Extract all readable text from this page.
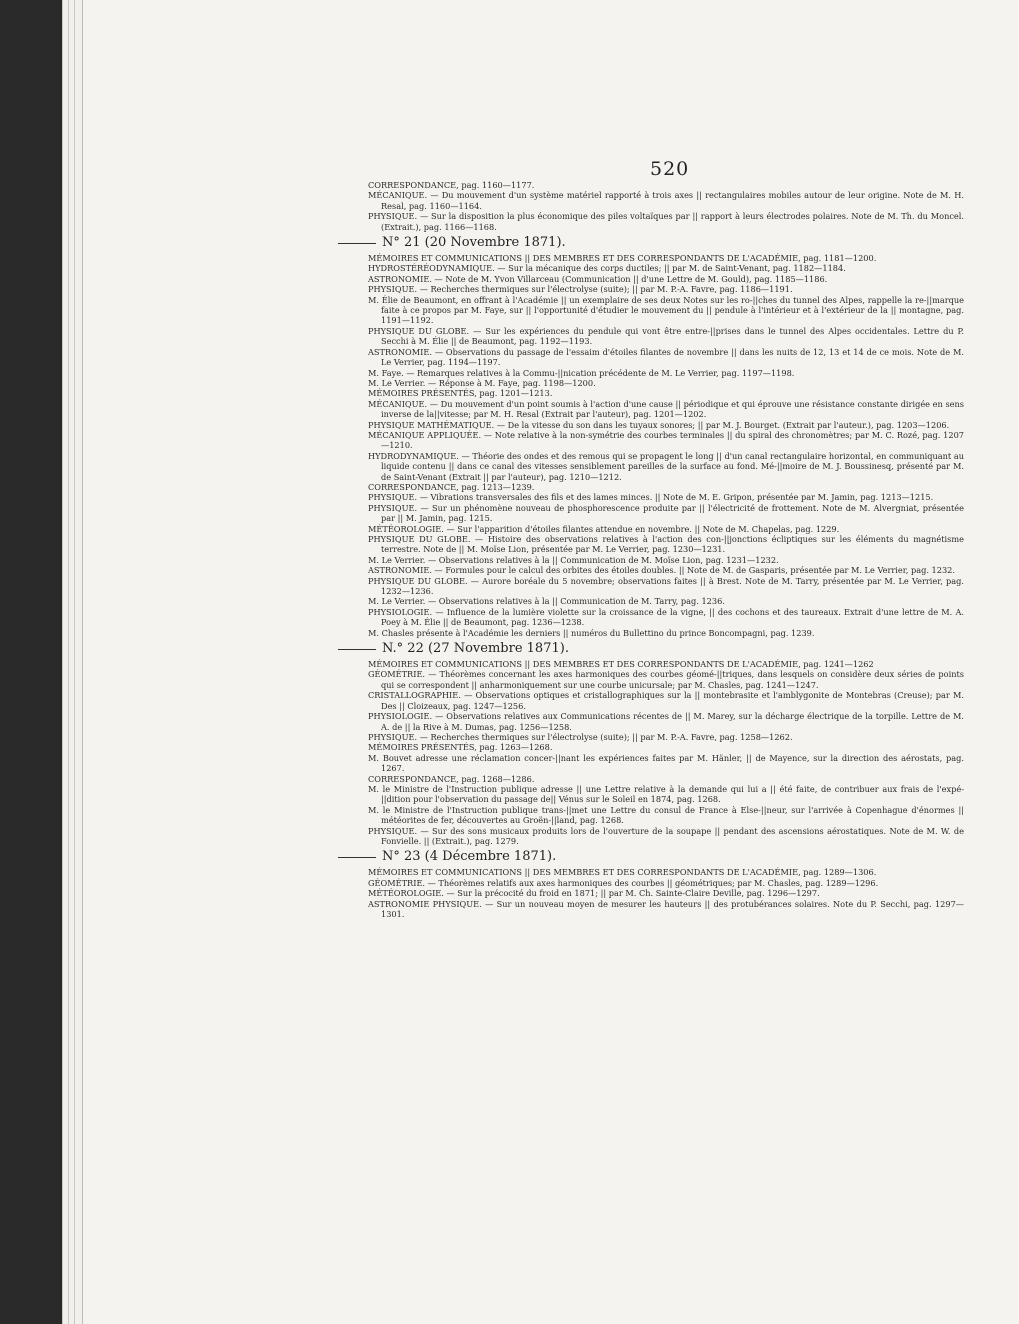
520

CORRESPONDANCE, pag. 1160—1177.

MÉCANIQUE. — Du mouvement d'un système matériel rapporté à trois axes || rectangulaires mobiles autour de leur origine. Note de M. H. Resal, pag. 1160—1164.

PHYSIQUE. — Sur la disposition la plus économique des piles voltaïques par || rapport à leurs électrodes polaires. Note de M. Th. du Moncel. (Extrait.), pag. 1166—1168.

N° 21 (20 Novembre 1871).

MÉMOIRES ET COMMUNICATIONS || DES MEMBRES ET DES CORRESPONDANTS DE L'ACADÉMIE, pag. 1181—1200.

HYDROSTÉRÉODYNAMIQUE. — Sur la mécanique des corps ductiles; || par M. de Saint-Venant, pag. 1182—1184.

ASTRONOMIE. — Note de M. Yvon Villarceau (Communication || d'une Lettre de M. Gould), pag. 1185—1186.

PHYSIQUE. — Recherches thermiques sur l'électrolyse (suite); || par M. P.-A. Favre, pag. 1186—1191.

M. Élie de Beaumont, en offrant à l'Académie || un exemplaire de ses deux Notes sur les ro-||ches du tunnel des Alpes, rappelle la re-||marque faite à ce propos par M. Faye, sur || l'opportunité d'étudier le mouvement du || pendule à l'intérieur et à l'extérieur de la || montagne, pag. 1191—1192.

PHYSIQUE DU GLOBE. — Sur les expériences du pendule qui vont être entre-||prises dans le tunnel des Alpes occidentales. Lettre du P. Secchi à M. Élie || de Beaumont, pag. 1192—1193.

ASTRONOMIE. — Observations du passage de l'essaim d'étoiles filantes de novembre || dans les nuits de 12, 13 et 14 de ce mois. Note de M. Le Verrier, pag. 1194—1197.

M. Faye. — Remarques relatives à la Commu-||nication précédente de M. Le Verrier, pag. 1197—1198.

M. Le Verrier. — Réponse à M. Faye, pag. 1198—1200.

MÉMOIRES PRÉSENTÉS, pag. 1201—1213.

MÉCANIQUE. — Du mouvement d'un point soumis à l'action d'une cause || périodique et qui éprouve une résistance constante dirigée en sens inverse de la||vitesse; par M. H. Resal (Extrait par l'auteur), pag. 1201—1202.

PHYSIQUE MATHÉMATIQUE. — De la vitesse du son dans les tuyaux sonores; || par M. J. Bourget. (Extrait par l'auteur.), pag. 1203—1206.

MÉCANIQUE APPLIQUÉE. — Note relative à la non-symétrie des courbes terminales || du spiral des chronomètres; par M. C. Rozé, pag. 1207—1210.

HYDRODYNAMIQUE. — Théorie des ondes et des remous qui se propagent le long || d'un canal rectangulaire horizontal, en communiquant au liquide contenu || dans ce canal des vitesses sensiblement pareilles de la surface au fond. Mé-||moire de M. J. Boussinesq, présenté par M. de Saint-Venant (Extrait || par l'auteur), pag. 1210—1212.

CORRESPONDANCE, pag. 1213—1239.

PHYSIQUE. — Vibrations transversales des fils et des lames minces. || Note de M. E. Gripon, présentée par M. Jamin, pag. 1213—1215.

PHYSIQUE. — Sur un phénomène nouveau de phosphorescence produite par || l'électricité de frottement. Note de M. Alvergniat, présentée par || M. Jamin, pag. 1215.

MÉTÉOROLOGIE. — Sur l'apparition d'étoiles filantes attendue en novembre. || Note de M. Chapelas, pag. 1229.

PHYSIQUE DU GLOBE. — Histoire des observations relatives à l'action des con-||jonctions écliptiques sur les éléments du magnétisme terrestre. Note de || M. Moïse Lion, présentée par M. Le Verrier, pag. 1230—1231.

M. Le Verrier. — Observations relatives à la || Communication de M. Moïse Lion, pag. 1231—1232.

ASTRONOMIE. — Formules pour le calcul des orbites des étoiles doubles. || Note de M. de Gasparis, présentée par M. Le Verrier, pag. 1232.

PHYSIQUE DU GLOBE. — Aurore boréale du 5 novembre; observations faites || à Brest. Note de M. Tarry, présentée par M. Le Verrier, pag. 1232—1236.

M. Le Verrier. — Observations relatives à la || Communication de M. Tarry, pag. 1236.

PHYSIOLOGIE. — Influence de la lumière violette sur la croissance de la vigne, || des cochons et des taureaux. Extrait d'une lettre de M. A. Poey à M. Élie || de Beaumont, pag. 1236—1238.

M. Chasles présente à l'Académie les derniers || numéros du Bullettino du prince Boncompagni, pag. 1239.

N.° 22 (27 Novembre 1871).

MÉMOIRES ET COMMUNICATIONS || DES MEMBRES ET DES CORRESPONDANTS DE L'ACADÉMIE, pag. 1241—1262

GÉOMÉTRIE. — Théorèmes concernant les axes harmoniques des courbes géomé-||triques, dans lesquels on considère deux séries de points qui se correspondent || anharmoniquement sur une courbe unicursale; par M. Chasles, pag. 1241—1247.

CRISTALLOGRAPHIE. — Observations optiques et cristallographiques sur la || montebrasite et l'amblygonite de Montebras (Creuse); par M. Des || Cloizeaux, pag. 1247—1256.

PHYSIOLOGIE. — Observations relatives aux Communications récentes de || M. Marey, sur la décharge électrique de la torpille. Lettre de M. A. de || la Rive à M. Dumas, pag. 1256—1258.

PHYSIQUE. — Recherches thermiques sur l'électrolyse (suite); || par M. P.-A. Favre, pag. 1258—1262.

MÉMOIRES PRÉSENTÉS, pag. 1263—1268.

M. Bouvet adresse une réclamation concer-||nant les expériences faites par M. Hänler, || de Mayence, sur la direction des aérostats, pag. 1267.

CORRESPONDANCE, pag. 1268—1286.

M. le Ministre de l'Instruction publique adresse || une Lettre relative à la demande qui lui a || été faite, de contribuer aux frais de l'expé-||dition pour l'observation du passage de|| Vénus sur le Soleil en 1874, pag. 1268.

M. le Ministre de l'Instruction publique trans-||met une Lettre du consul de France à Else-||neur, sur l'arrivée à Copenhague d'énormes || météorites de fer, découvertes au Groën-||land, pag. 1268.

PHYSIQUE. — Sur des sons musicaux produits lors de l'ouverture de la soupape || pendant des ascensions aérostatiques. Note de M. W. de Fonvielle. || (Extrait.), pag. 1279.

N° 23 (4 Décembre 1871).

MÉMOIRES ET COMMUNICATIONS || DES MEMBRES ET DES CORRESPONDANTS DE L'ACADÉMIE, pag. 1289—1306.

GÉOMÉTRIE. — Théorèmes relatifs aux axes harmoniques des courbes || géométriques; par M. Chasles, pag. 1289—1296.

MÉTÉOROLOGIE. — Sur la précocité du froid en 1871; || par M. Ch. Sainte-Claire Deville, pag. 1296—1297.

ASTRONOMIE PHYSIQUE. — Sur un nouveau moyen de mesurer les hauteurs || des protubérances solaires. Note du P. Secchi, pag. 1297—1301.
